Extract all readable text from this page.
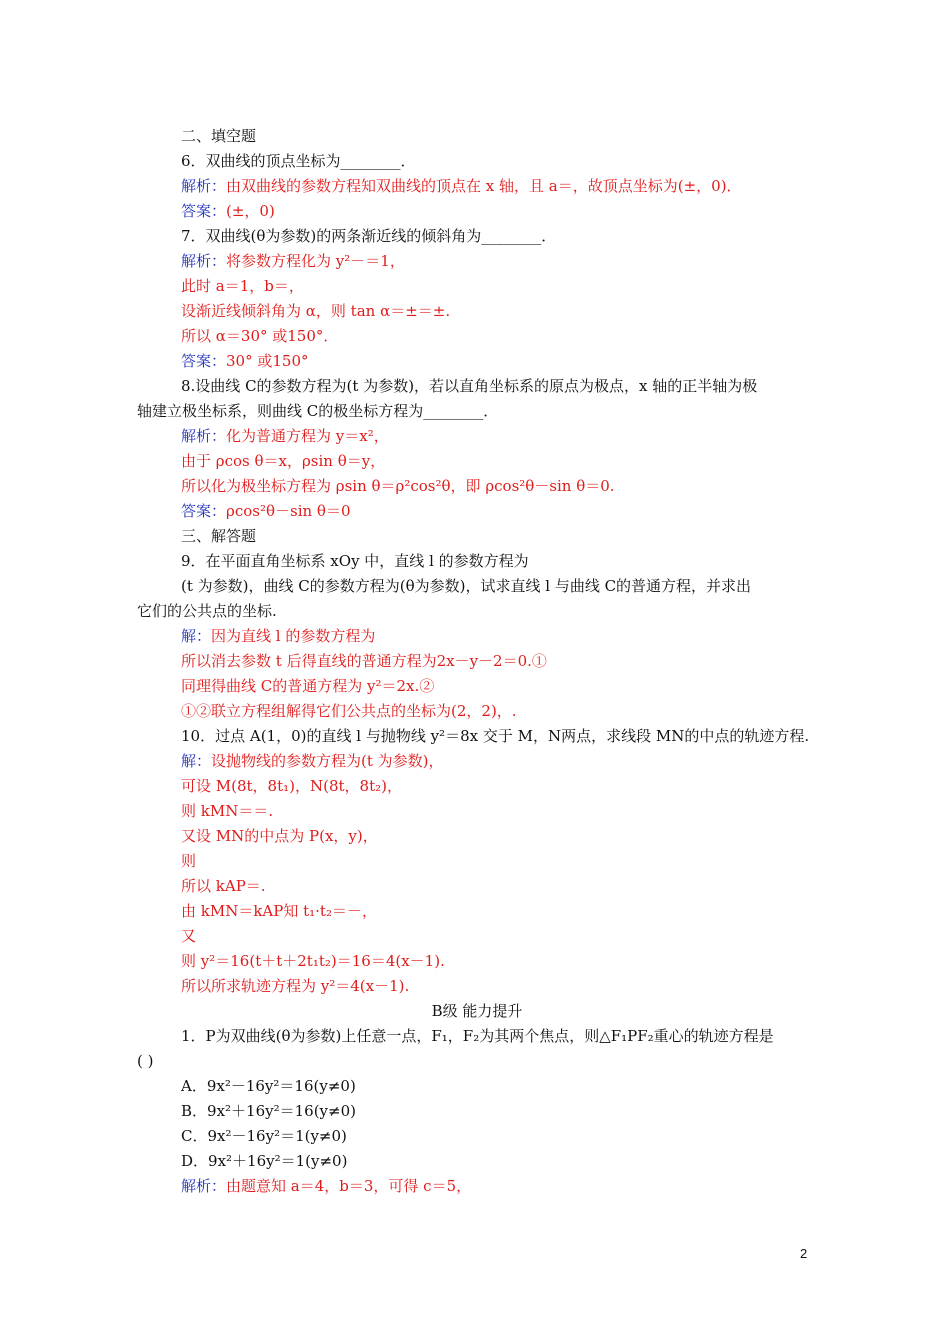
二、填空题
6．双曲线的顶点坐标为________．
解析：由双曲线的参数方程知双曲线的顶点在 x 轴，且 a＝，故顶点坐标为(±，0)．
答案：(±，0)
7．双曲线(θ为参数)的两条渐近线的倾斜角为________．
解析：将参数方程化为 y²－＝1，
此时 a＝1，b＝，
设渐近线倾斜角为 α，则 tan α＝±＝±.
所以 α＝30° 或150°．
答案：30° 或150°
8.设曲线 C的参数方程为(t 为参数)，若以直角坐标系的原点为极点，x 轴的正半轴为极
轴建立极坐标系，则曲线 C的极坐标方程为________．
解析：化为普通方程为 y＝x²，
由于 ρcos θ＝x，ρsin θ＝y，
所以化为极坐标方程为 ρsin θ＝ρ²cos²θ，即 ρcos²θ－sin θ＝0.
答案：ρcos²θ－sin θ＝0
三、解答题
9．在平面直角坐标系 xOy 中，直线 l 的参数方程为
(t 为参数)，曲线 C的参数方程为(θ为参数)，试求直线 l 与曲线 C的普通方程，并求出
它们的公共点的坐标.
解：因为直线 l 的参数方程为
所以消去参数 t 后得直线的普通方程为2x－y－2＝0.①
同理得曲线 C的普通方程为 y²＝2x.②
①②联立方程组解得它们公共点的坐标为(2，2)，.
10．过点 A(1，0)的直线 l 与抛物线 y²＝8x 交于 M，N两点，求线段 MN的中点的轨迹方程.
解：设抛物线的参数方程为(t 为参数)，
可设 M(8t，8t₁)，N(8t，8t₂)，
则 kMN＝＝.
又设 MN的中点为 P(x，y)，
则
所以 kAP＝.
由 kMN＝kAP知 t₁·t₂＝－，
又
则 y²＝16(t＋t＋2t₁t₂)＝16＝4(x－1).
所以所求轨迹方程为 y²＝4(x－1).
B级 能力提升
1．P为双曲线(θ为参数)上任意一点，F₁，F₂为其两个焦点，则△F₁PF₂重心的轨迹方程是
( )
A．9x²－16y²＝16(y≠0)
B．9x²＋16y²＝16(y≠0)
C．9x²－16y²＝1(y≠0)
D．9x²＋16y²＝1(y≠0)
解析：由题意知 a＝4，b＝3，可得 c＝5，
2
